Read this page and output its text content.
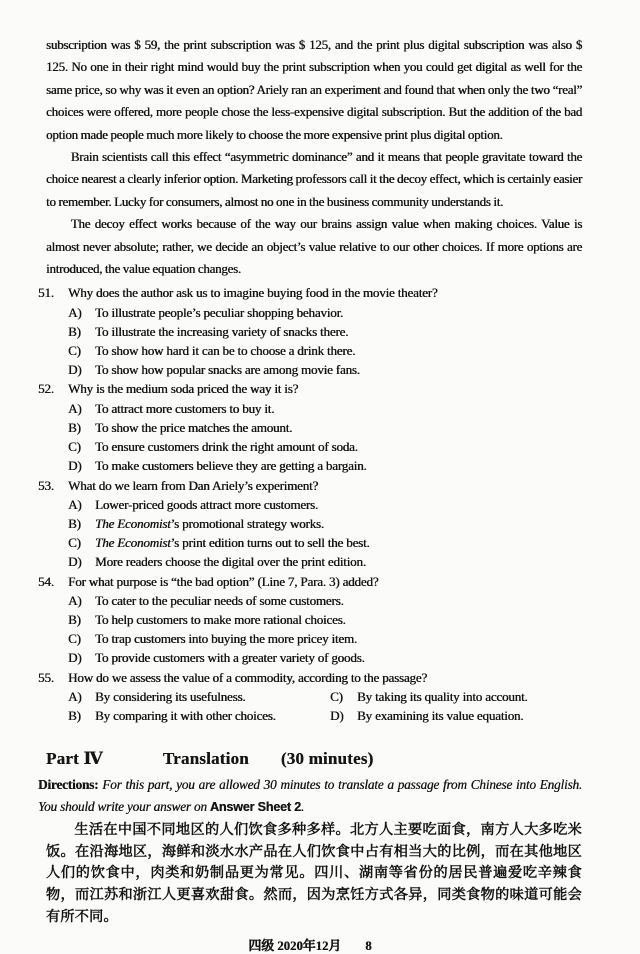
subscription was $ 59, the print subscription was $ 125, and the print plus digital subscription was also $ 125. No one in their right mind would buy the print subscription when you could get digital as well for the same price, so why was it even an option? Ariely ran an experiment and found that when only the two “real” choices were offered, more people chose the less-expensive digital subscription. But the addition of the bad option made people much more likely to choose the more expensive print plus digital option.

Brain scientists call this effect “asymmetric dominance” and it means that people gravitate toward the choice nearest a clearly inferior option. Marketing professors call it the decoy effect, which is certainly easier to remember. Lucky for consumers, almost no one in the business community understands it.

The decoy effect works because of the way our brains assign value when making choices. Value is almost never absolute; rather, we decide an object’s value relative to our other choices. If more options are introduced, the value equation changes.

51.	Why does the author ask us to imagine buying food in the movie theater?
A)	To illustrate people’s peculiar shopping behavior.
B)	To illustrate the increasing variety of snacks there.
C)	To show how hard it can be to choose a drink there.
D)	To show how popular snacks are among movie fans.
52.	Why is the medium soda priced the way it is?
A)	To attract more customers to buy it.
B)	To show the price matches the amount.
C)	To ensure customers drink the right amount of soda.
D)	To make customers believe they are getting a bargain.
53.	What do we learn from Dan Ariely’s experiment?
A)	Lower-priced goods attract more customers.
B)	The Economist’s promotional strategy works.
C)	The Economist’s print edition turns out to sell the best.
D)	More readers choose the digital over the print edition.
54.	For what purpose is “the bad option” (Line 7, Para. 3) added?
A)	To cater to the peculiar needs of some customers.
B)	To help customers to make more rational choices.
C)	To trap customers into buying the more pricey item.
D)	To provide customers with a greater variety of goods.
55.	How do we assess the value of a commodity, according to the passage?
A)	By considering its usefulness.	C)	By taking its quality into account.
B)	By comparing it with other choices.	D)	By examining its value equation.
Part Ⅳ	Translation (30 minutes)
Directions: For this part, you are allowed 30 minutes to translate a passage from Chinese into English. You should write your answer on Answer Sheet 2.
生活在中国不同地区的人们饮食多种多样。北方人主要吃面食，南方人大多吃米饭。在沿海地区，海鲜和淡水水产品在人们饮食中占有相当大的比例，而在其他地区人们的饮食中，肉类和奶制品更为常见。四川、湖南等省份的居民普遍爱吃辛辣食物，而江苏和浙江人更喜欢甜食。然而，因为烹饪方式各异，同类食物的味道可能会有所不同。
四级 2020年12月 8
